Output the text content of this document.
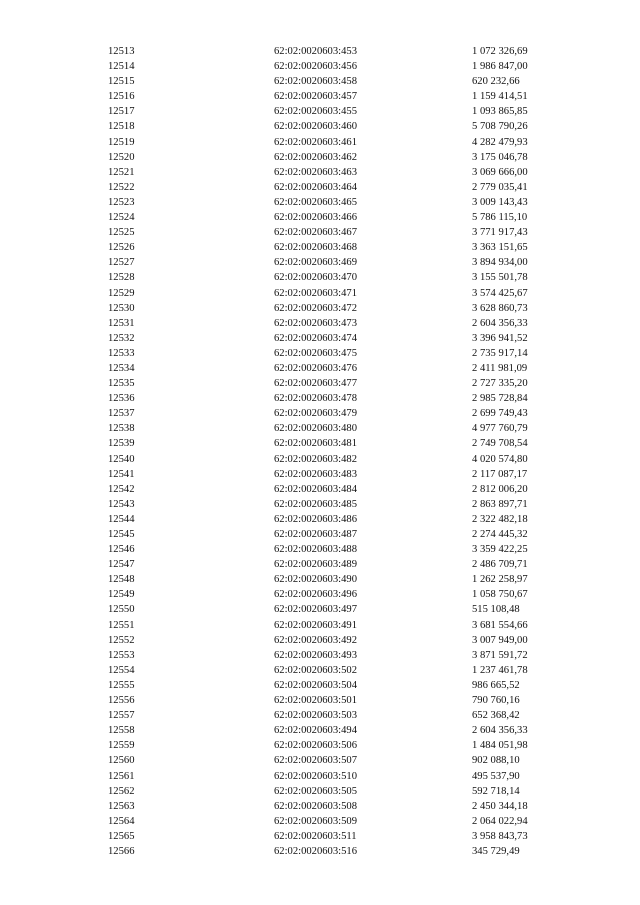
12513	62:02:0020603:453	1 072 326,69
12514	62:02:0020603:456	1 986 847,00
12515	62:02:0020603:458	620 232,66
12516	62:02:0020603:457	1 159 414,51
12517	62:02:0020603:455	1 093 865,85
12518	62:02:0020603:460	5 708 790,26
12519	62:02:0020603:461	4 282 479,93
12520	62:02:0020603:462	3 175 046,78
12521	62:02:0020603:463	3 069 666,00
12522	62:02:0020603:464	2 779 035,41
12523	62:02:0020603:465	3 009 143,43
12524	62:02:0020603:466	5 786 115,10
12525	62:02:0020603:467	3 771 917,43
12526	62:02:0020603:468	3 363 151,65
12527	62:02:0020603:469	3 894 934,00
12528	62:02:0020603:470	3 155 501,78
12529	62:02:0020603:471	3 574 425,67
12530	62:02:0020603:472	3 628 860,73
12531	62:02:0020603:473	2 604 356,33
12532	62:02:0020603:474	3 396 941,52
12533	62:02:0020603:475	2 735 917,14
12534	62:02:0020603:476	2 411 981,09
12535	62:02:0020603:477	2 727 335,20
12536	62:02:0020603:478	2 985 728,84
12537	62:02:0020603:479	2 699 749,43
12538	62:02:0020603:480	4 977 760,79
12539	62:02:0020603:481	2 749 708,54
12540	62:02:0020603:482	4 020 574,80
12541	62:02:0020603:483	2 117 087,17
12542	62:02:0020603:484	2 812 006,20
12543	62:02:0020603:485	2 863 897,71
12544	62:02:0020603:486	2 322 482,18
12545	62:02:0020603:487	2 274 445,32
12546	62:02:0020603:488	3 359 422,25
12547	62:02:0020603:489	2 486 709,71
12548	62:02:0020603:490	1 262 258,97
12549	62:02:0020603:496	1 058 750,67
12550	62:02:0020603:497	515 108,48
12551	62:02:0020603:491	3 681 554,66
12552	62:02:0020603:492	3 007 949,00
12553	62:02:0020603:493	3 871 591,72
12554	62:02:0020603:502	1 237 461,78
12555	62:02:0020603:504	986 665,52
12556	62:02:0020603:501	790 760,16
12557	62:02:0020603:503	652 368,42
12558	62:02:0020603:494	2 604 356,33
12559	62:02:0020603:506	1 484 051,98
12560	62:02:0020603:507	902 088,10
12561	62:02:0020603:510	495 537,90
12562	62:02:0020603:505	592 718,14
12563	62:02:0020603:508	2 450 344,18
12564	62:02:0020603:509	2 064 022,94
12565	62:02:0020603:511	3 958 843,73
12566	62:02:0020603:516	345 729,49
